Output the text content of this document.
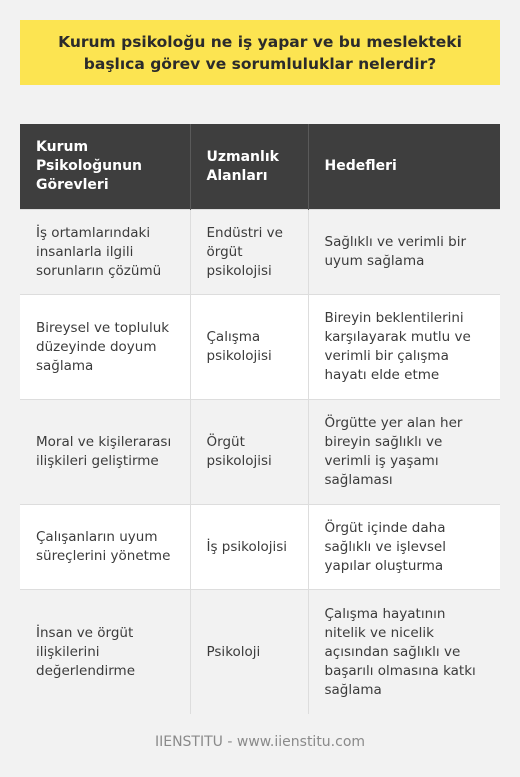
Kurum psikoloğu ne iş yapar ve bu meslekteki başlıca görev ve sorumluluklar nelerdir?
Kurum Psikoloğunun Görevleri	Uzmanlık Alanları	Hedefleri
İş ortamlarındaki insanlarla ilgili sorunların çözümü	Endüstri ve örgüt psikolojisi	Sağlıklı ve verimli bir uyum sağlama
Bireysel ve topluluk düzeyinde doyum sağlama	Çalışma psikolojisi	Bireyin beklentilerini karşılayarak mutlu ve verimli bir çalışma hayatı elde etme
Moral ve kişilerarası ilişkileri geliştirme	Örgüt psikolojisi	Örgütte yer alan her bireyin sağlıklı ve verimli iş yaşamı sağlaması
Çalışanların uyum süreçlerini yönetme	İş psikolojisi	Örgüt içinde daha sağlıklı ve işlevsel yapılar oluşturma
İnsan ve örgüt ilişkilerini değerlendirme	Psikoloji	Çalışma hayatının nitelik ve nicelik açısından sağlıklı ve başarılı olmasına katkı sağlama
IIENSTITU - www.iienstitu.com
